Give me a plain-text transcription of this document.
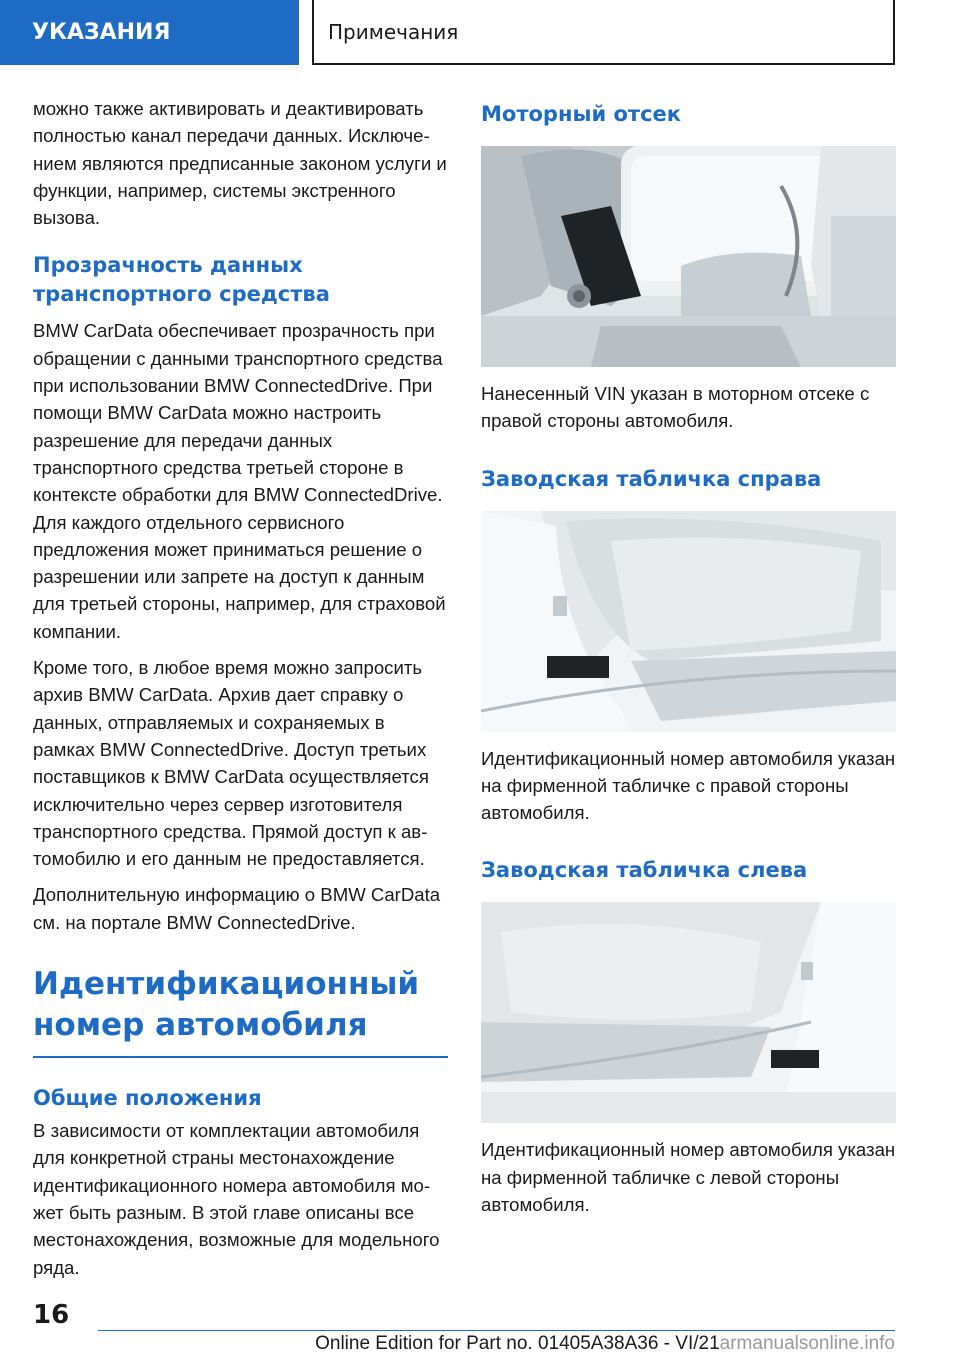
УКАЗАНИЯ	Примечания

можно также активировать и деактивировать полностью канал передачи данных. Исключением являются предписанные законом услуги и функции, например, системы экстренного вызова.

Прозрачность данных транспортного средства

BMW CarData обеспечивает прозрачность при обращении с данными транспортного средства при использовании BMW ConnectedDrive. При помощи BMW CarData можно настроить разрешение для передачи данных транспортного средства третьей стороне в контексте обработки для BMW ConnectedDrive. Для каждого отдельного сервисного предложения может приниматься решение о разрешении или запрете на доступ к данным для третьей стороны, например, для страховой компании.

Кроме того, в любое время можно запросить архив BMW CarData. Архив дает справку о данных, отправляемых и сохраняемых в рамках BMW ConnectedDrive. Доступ третьих поставщиков к BMW CarData осуществляется исключительно через сервер изготовителя транспортного средства. Прямой доступ к автомобилю и его данным не предоставляется.

Дополнительную информацию о BMW CarData см. на портале BMW ConnectedDrive.

Идентификационный номер автомобиля
Общие положения

В зависимости от комплектации автомобиля для конкретной страны местонахождение идентификационного номера автомобиля может быть разным. В этой главе описаны все местонахождения, возможные для модельного ряда.

Моторный отсек

Нанесенный VIN указан в моторном отсеке с правой стороны автомобиля.

Заводская табличка справа

Идентификационный номер автомобиля указан на фирменной табличке с правой стороны автомобиля.

Заводская табличка слева

Идентификационный номер автомобиля указан на фирменной табличке с левой стороны автомобиля.

16
Online Edition for Part no. 01405A38A36 - VI/21armanualsonline.info
